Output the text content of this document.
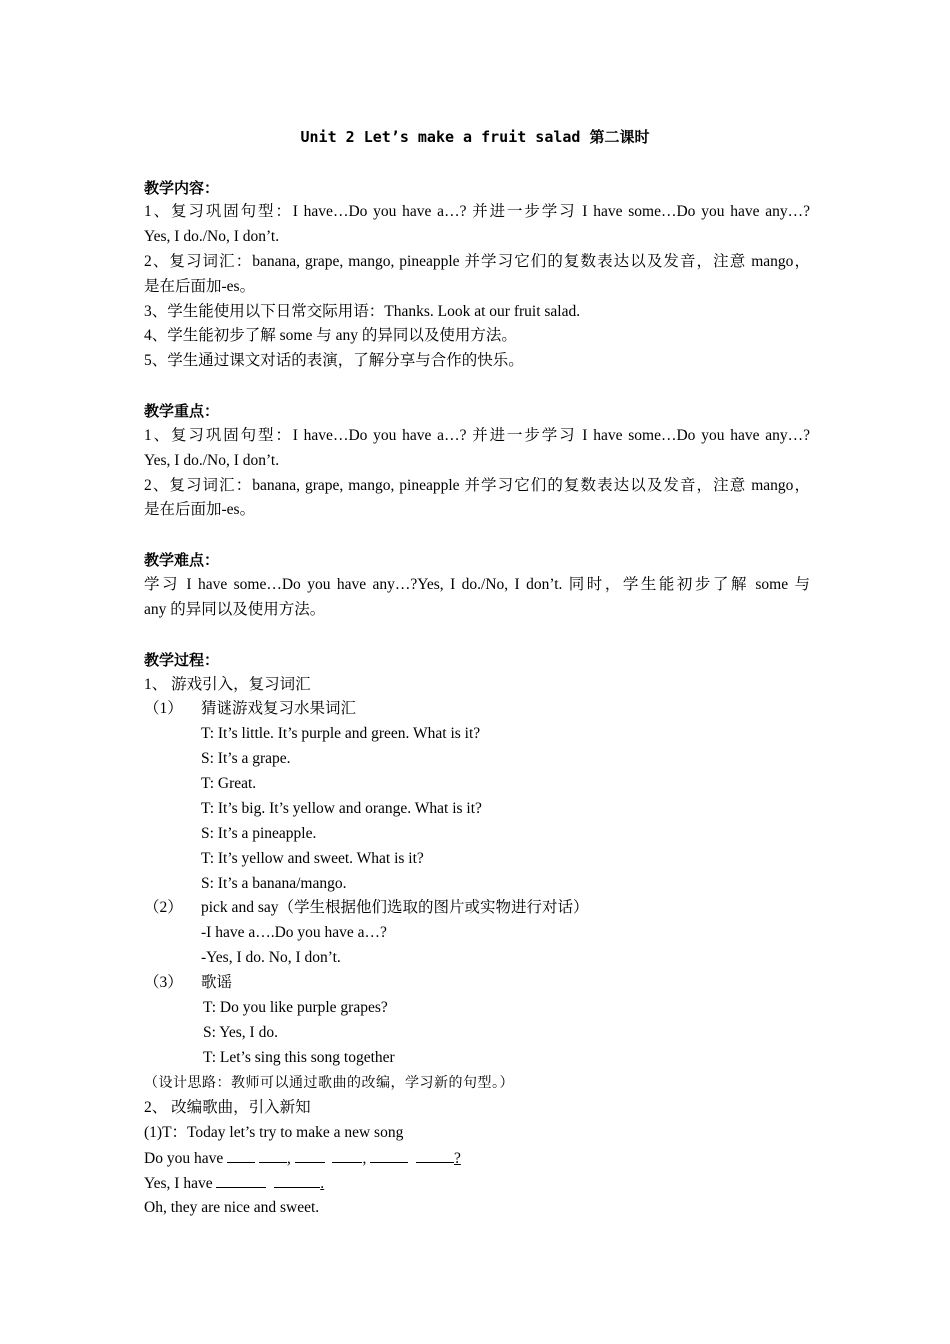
Unit 2 Let’s make a fruit salad 第二课时
教学内容：
1、复习巩固句型：I have…Do you have a…? 并进一步学习 I have some…Do you have any…?
Yes, I do./No, I don’t.
2、复习词汇：banana, grape, mango, pineapple 并学习它们的复数表达以及发音，注意 mango，
是在后面加-es。
3、学生能使用以下日常交际用语：Thanks. Look at our fruit salad.
4、学生能初步了解 some 与 any 的异同以及使用方法。
5、学生通过课文对话的表演，了解分享与合作的快乐。
教学重点：
1、复习巩固句型：I have…Do you have a…? 并进一步学习 I have some…Do you have any…?
Yes, I do./No, I don’t.
2、复习词汇：banana, grape, mango, pineapple 并学习它们的复数表达以及发音，注意 mango，
是在后面加-es。
教学难点：
学习 I have some…Do you have any…?Yes, I do./No, I don’t. 同时，学生能初步了解 some 与
any 的异同以及使用方法。
教学过程：
1、 游戏引入，复习词汇
（1）	猜谜游戏复习水果词汇
T: It’s little. It’s purple and green. What is it?
S: It’s a grape.
T: Great.
T: It’s big. It’s yellow and orange. What is it?
S: It’s a pineapple.
T: It’s yellow and sweet. What is it?
S: It’s a banana/mango.
（2）	pick and say（学生根据他们选取的图片或实物进行对话）
-I have a….Do you have a…?
-Yes, I do. No, I don’t.
（3）	歌谣
T: Do you like purple grapes?
S: Yes, I do.
T: Let’s sing this song together
（设计思路：教师可以通过歌曲的改编，学习新的句型。）
2、 改编歌曲，引入新知
(1)T：Today let’s try to make a new song
Do you have	,	,	?
Yes, I have	.
Oh, they are nice and sweet.
